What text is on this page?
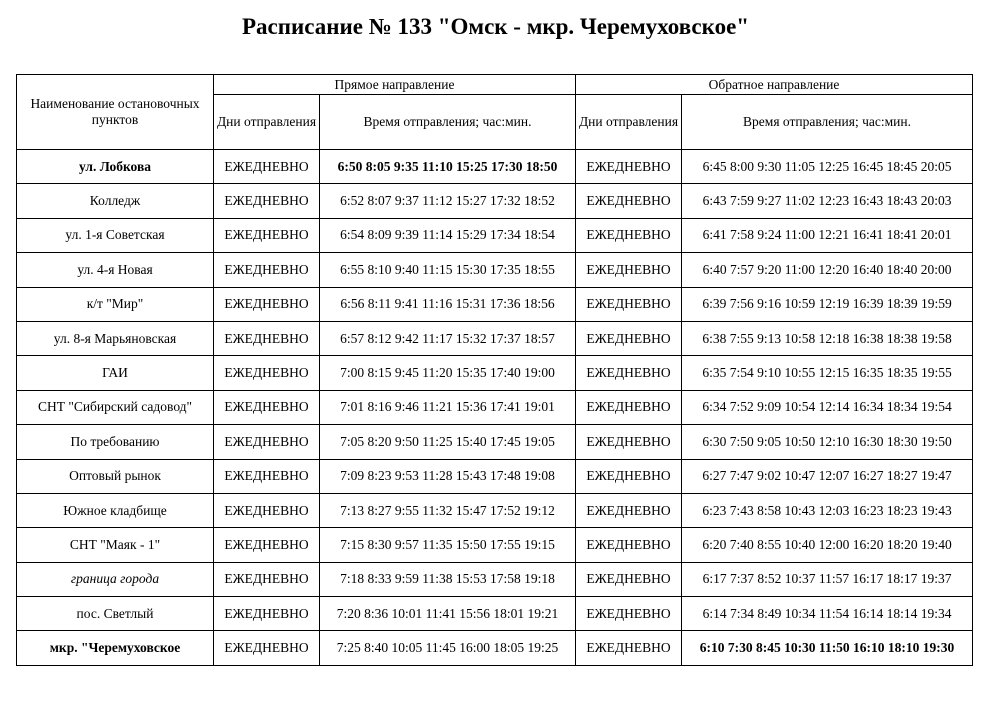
Расписание № 133 "Омск - мкр. Черемуховское"
Наименование остановочных пунктов	Прямое направление		Обратное направление	
	Дни отправления	Время отправления; час:мин.	Дни отправления	Время отправления; час:мин.
ул. Лобкова	ЕЖЕДНЕВНО	6:50 8:05 9:35 11:10 15:25 17:30 18:50	ЕЖЕДНЕВНО	6:45 8:00 9:30 11:05 12:25 16:45 18:45 20:05
Колледж	ЕЖЕДНЕВНО	6:52 8:07 9:37 11:12 15:27 17:32 18:52	ЕЖЕДНЕВНО	6:43 7:59 9:27 11:02 12:23 16:43 18:43 20:03
ул. 1-я Советская	ЕЖЕДНЕВНО	6:54 8:09 9:39 11:14 15:29 17:34 18:54	ЕЖЕДНЕВНО	6:41 7:58 9:24 11:00 12:21 16:41 18:41 20:01
ул. 4-я Новая	ЕЖЕДНЕВНО	6:55 8:10 9:40 11:15 15:30 17:35 18:55	ЕЖЕДНЕВНО	6:40 7:57 9:20 11:00 12:20 16:40 18:40 20:00
к/т "Мир"	ЕЖЕДНЕВНО	6:56 8:11 9:41 11:16 15:31 17:36 18:56	ЕЖЕДНЕВНО	6:39 7:56 9:16 10:59 12:19 16:39 18:39 19:59
ул. 8-я Марьяновская	ЕЖЕДНЕВНО	6:57 8:12 9:42 11:17 15:32 17:37 18:57	ЕЖЕДНЕВНО	6:38 7:55 9:13 10:58 12:18 16:38 18:38 19:58
ГАИ	ЕЖЕДНЕВНО	7:00 8:15 9:45 11:20 15:35 17:40 19:00	ЕЖЕДНЕВНО	6:35 7:54 9:10 10:55 12:15 16:35 18:35 19:55
СНТ "Сибирский садовод"	ЕЖЕДНЕВНО	7:01 8:16 9:46 11:21 15:36 17:41 19:01	ЕЖЕДНЕВНО	6:34 7:52 9:09 10:54 12:14 16:34 18:34 19:54
По требованию	ЕЖЕДНЕВНО	7:05 8:20 9:50 11:25 15:40 17:45 19:05	ЕЖЕДНЕВНО	6:30 7:50 9:05 10:50 12:10 16:30 18:30 19:50
Оптовый рынок	ЕЖЕДНЕВНО	7:09 8:23 9:53 11:28 15:43 17:48 19:08	ЕЖЕДНЕВНО	6:27 7:47 9:02 10:47 12:07 16:27 18:27 19:47
Южное кладбище	ЕЖЕДНЕВНО	7:13 8:27 9:55 11:32 15:47 17:52 19:12	ЕЖЕДНЕВНО	6:23 7:43 8:58 10:43 12:03 16:23 18:23 19:43
СНТ "Маяк - 1"	ЕЖЕДНЕВНО	7:15 8:30 9:57 11:35 15:50 17:55 19:15	ЕЖЕДНЕВНО	6:20 7:40 8:55 10:40 12:00 16:20 18:20 19:40
граница города	ЕЖЕДНЕВНО	7:18 8:33 9:59 11:38 15:53 17:58 19:18	ЕЖЕДНЕВНО	6:17 7:37 8:52 10:37 11:57 16:17 18:17 19:37
пос. Светлый	ЕЖЕДНЕВНО	7:20 8:36 10:01 11:41 15:56 18:01 19:21	ЕЖЕДНЕВНО	6:14 7:34 8:49 10:34 11:54 16:14 18:14 19:34
мкр. "Черемуховское	ЕЖЕДНЕВНО	7:25 8:40 10:05 11:45 16:00 18:05 19:25	ЕЖЕДНЕВНО	6:10 7:30 8:45 10:30 11:50 16:10 18:10 19:30
